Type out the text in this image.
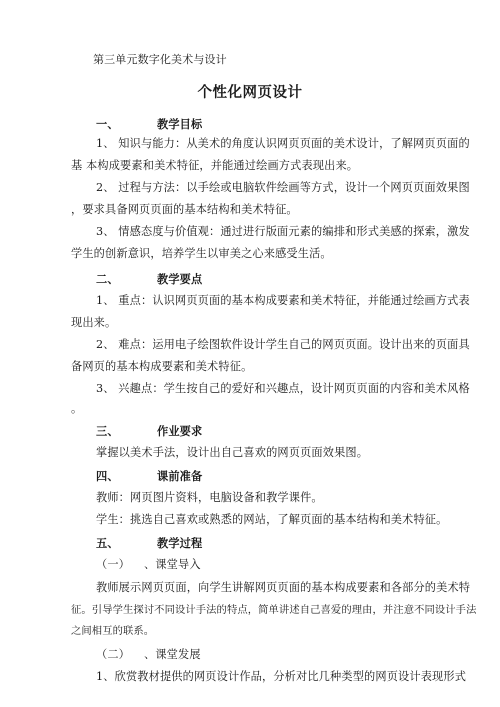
第三单元数字化美术与设计
个性化网页设计
一、	教学目标
1、 知识与能力：从美术的角度认识网页页面的美术设计，了解网页页面的
基 本构成要素和美术特征，并能通过绘画方式表现出来。
2、 过程与方法：以手绘或电脑软件绘画等方式，设计一个网页页面效果图
，要求具备网页页面的基本结构和美术特征。
3、 情感态度与价值观：通过进行版面元素的编排和形式美感的探索，激发
学生的创新意识，培养学生以审美之心来感受生活。
二、	教学要点
1、 重点：认识网页页面的基本构成要素和美术特征，并能通过绘画方式表
现出来。
2、 难点：运用电子绘图软件设计学生自己的网页页面。设计出来的页面具
备网页的基本构成要素和美术特征。
3、 兴趣点：学生按自己的爱好和兴趣点，设计网页页面的内容和美术风格
。
三、	作业要求
掌握以美术手法，设计出自己喜欢的网页页面效果图。
四、	课前准备
教师：网页图片资料，电脑设备和教学课件。
学生：挑选自己喜欢或熟悉的网站，了解页面的基本结构和美术特征。
五、	教学过程
（一） 、课堂导入
教师展示网页页面，向学生讲解网页页面的基本构成要素和各部分的美术特
征。引导学生探讨不同设计手法的特点，简单讲述自己喜爱的理由，并注意不同设计手法
之间相互的联系。
（二） 、课堂发展
1、欣赏教材提供的网页设计作品，分析对比几种类型的网页设计表现形式
